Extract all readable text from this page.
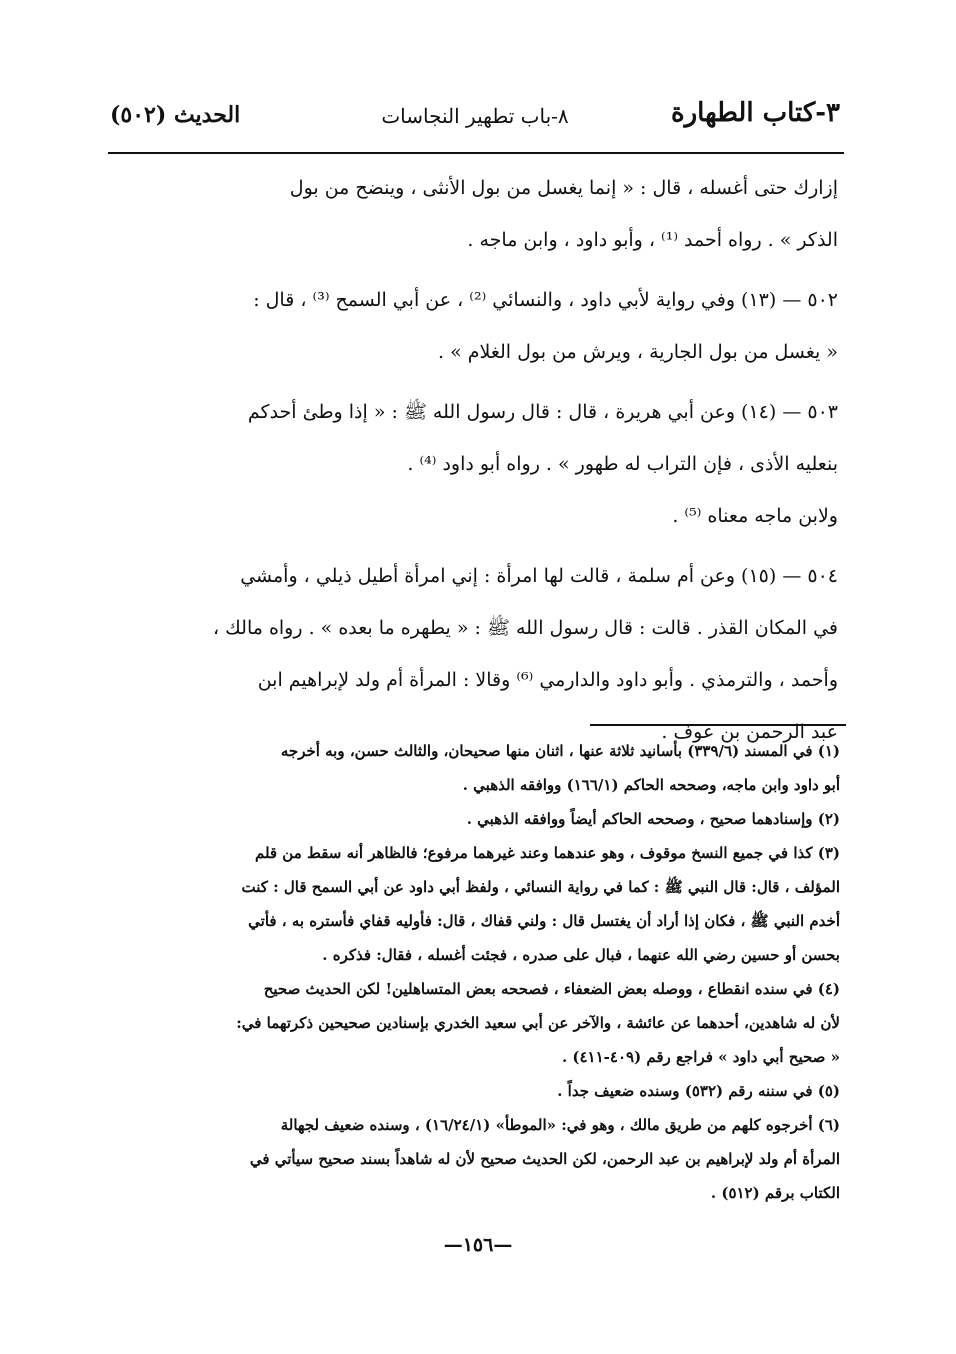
٣-كتاب الطهارة
٨-باب تطهير النجاسات
الحديث (٥٠٢)

إزارك حتى أغسله ، قال : « إنما يغسل من بول الأنثى ، وينضح من بول

الذكر » . رواه أحمد ⁽¹⁾ ، وأبو داود ، وابن ماجه .

٥٠٢ — (١٣) وفي رواية لأبي داود ، والنسائي ⁽²⁾ ، عن أبي السمح ⁽³⁾ ، قال :

« يغسل من بول الجارية ، ويرش من بول الغلام » .

٥٠٣ — (١٤) وعن أبي هريرة ، قال : قال رسول الله ﷺ : « إذا وطئ أحدكم

بنعليه الأذى ، فإن التراب له طهور » . رواه أبو داود ⁽⁴⁾ .

ولابن ماجه معناه ⁽⁵⁾ .

٥٠٤ — (١٥) وعن أم سلمة ، قالت لها امرأة : إني امرأة أطيل ذيلي ، وأمشي

في المكان القذر . قالت : قال رسول الله ﷺ : « يطهره ما بعده » . رواه مالك ،

وأحمد ، والترمذي . وأبو داود والدارمي ⁽⁶⁾ وقالا : المرأة أم ولد لإبراهيم ابن

عبد الرحمن بن عوف .

(١) في المسند (٣٣٩/٦) بأسانيد ثلاثة عنها ، اثنان منها صحيحان، والثالث حسن، وبه أخرجه

أبو داود وابن ماجه، وصححه الحاكم (١٦٦/١) ووافقه الذهبي .

(٢) وإسنادهما صحيح ، وصححه الحاكم أيضاً ووافقه الذهبي .

(٣) كذا في جميع النسخ موقوف ، وهو عندهما وعند غيرهما مرفوع؛ فالظاهر أنه سقط من قلم

المؤلف ، قال: قال النبي ﷺ : كما في رواية النسائي ، ولفظ أبي داود عن أبي السمح قال : كنت

أخدم النبي ﷺ ، فكان إذا أراد أن يغتسل قال : ولني قفاك ، قال: فأوليه قفاي فأستره به ، فأتي

بحسن أو حسين رضي الله عنهما ، فبال على صدره ، فجئت أغسله ، فقال: فذكره .

(٤) في سنده انقطاع ، ووصله بعض الضعفاء ، فصححه بعض المتساهلين! لكن الحديث صحيح

لأن له شاهدين، أحدهما عن عائشة ، والآخر عن أبي سعيد الخدري بإسنادين صحيحين ذكرتهما في:

« صحيح أبي داود » فراجع رقم (٤٠٩-٤١١) .

(٥) في سننه رقم (٥٣٢) وسنده ضعيف جداً .

(٦) أخرجوه كلهم من طريق مالك ، وهو في: «الموطأ» (١٦/٢٤/١) ، وسنده ضعيف لجهالة

المرأة أم ولد لإبراهيم بن عبد الرحمن، لكن الحديث صحيح لأن له شاهداً بسند صحيح سيأتي في

الكتاب برقم (٥١٢) .

—١٥٦—
